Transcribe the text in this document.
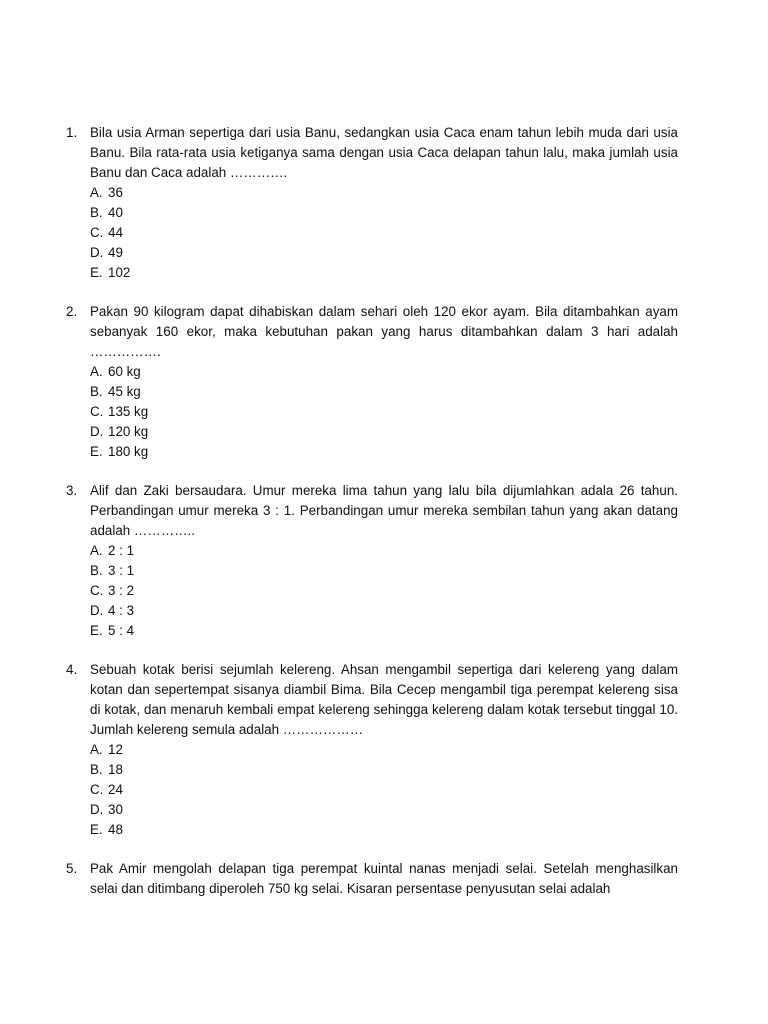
1. Bila usia Arman sepertiga dari usia Banu, sedangkan usia Caca enam tahun lebih muda dari usia Banu. Bila rata-rata usia ketiganya sama dengan usia Caca delapan tahun lalu, maka jumlah usia Banu dan Caca adalah ………….

A. 36
B. 40
C. 44
D. 49
E. 102
2. Pakan 90 kilogram dapat dihabiskan dalam sehari oleh 120 ekor ayam. Bila ditambahkan ayam sebanyak 160 ekor, maka kebutuhan pakan yang harus ditambahkan dalam 3 hari adalah …………….

A. 60 kg
B. 45 kg
C. 135 kg
D. 120 kg
E. 180 kg
3. Alif dan Zaki bersaudara. Umur mereka lima tahun yang lalu bila dijumlahkan adala 26 tahun. Perbandingan umur mereka 3 : 1. Perbandingan umur mereka sembilan tahun yang akan datang adalah …………..

A. 2 : 1
B. 3 : 1
C. 3 : 2
D. 4 : 3
E. 5 : 4
4. Sebuah kotak berisi sejumlah kelereng. Ahsan mengambil sepertiga dari kelereng yang dalam kotan dan sepertempat sisanya diambil Bima. Bila Cecep mengambil tiga perempat kelereng sisa di kotak, dan menaruh kembali empat kelereng sehingga kelereng dalam kotak tersebut tinggal 10. Jumlah kelereng semula adalah ………………

A. 12
B. 18
C. 24
D. 30
E. 48
5. Pak Amir mengolah delapan tiga perempat kuintal nanas menjadi selai. Setelah menghasilkan selai dan ditimbang diperoleh 750 kg selai. Kisaran persentase penyusutan selai adalah
